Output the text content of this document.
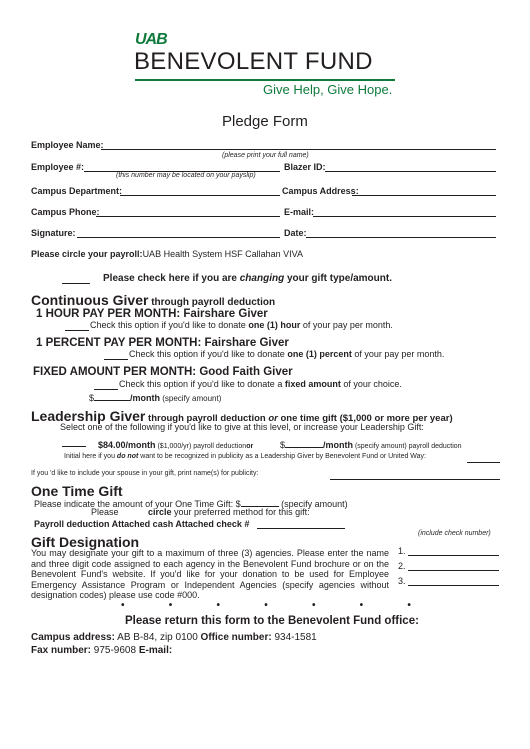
UAB
BENEVOLENT FUND
Give Help, Give Hope.
Pledge Form
Employee Name:
(please print your full name)
Employee #:	Blazer ID:
(this number may be located on your payslip)
Campus Department:	Campus Address:
Campus Phone:	E-mail:
Signature:	Date:
Please circle your payroll:UAB Health System HSF Callahan VIVA
Please check here if you are changing your gift type/amount.
Continuous Giver through payroll deduction
1 HOUR PAY PER MONTH: Fairshare Giver
Check this option if you'd like to donate one (1) hour of your pay per month.
1 PERCENT PAY PER MONTH: Fairshare Giver
Check this option if you'd like to donate one (1) percent of your pay per month.
FIXED AMOUNT PER MONTH: Good Faith Giver
Check this option if you'd like to donate a fixed amount of your choice.
$	/month (specify amount)
Leadership Giver through payroll deduction or one time gift ($1,000 or more per year)
Select one of the following if you'd like to give at this level, or increase your Leadership Gift:
$84.00/month ($1,000/yr) payroll deductionor	$	/month (specify amount) payroll deduction
Initial here if you do not want to be recognized in publicity as a Leadership Giver by Benevolent Fund or United Way:
If you 'd like to include your spouse in your gift, print name(s) for publicity:
One Time Gift
Please indicate the amount of your One Time Gift: $	(specify amount)
Please	circle your preferred method for this gift:
Payroll deduction Attached cash Attached check #
(include check number)
Gift Designation
You may designate your gift to a maximum of three (3) agencies. Please enter the name and three digit code assigned to each agency in the Benevolent Fund brochure or on the Benevolent Fund's website. If you'd like for your donation to be used for Employee Emergency Assistance Program or Independent Agencies (specify agencies without designation codes) please use code #000.
1.
2.
3.
•	•	•	•	•	•	•
Please return this form to the Benevolent Fund office:
Campus address: AB B-84, zip 0100 Office number: 934-1581
Fax number: 975-9608 E-mail:
